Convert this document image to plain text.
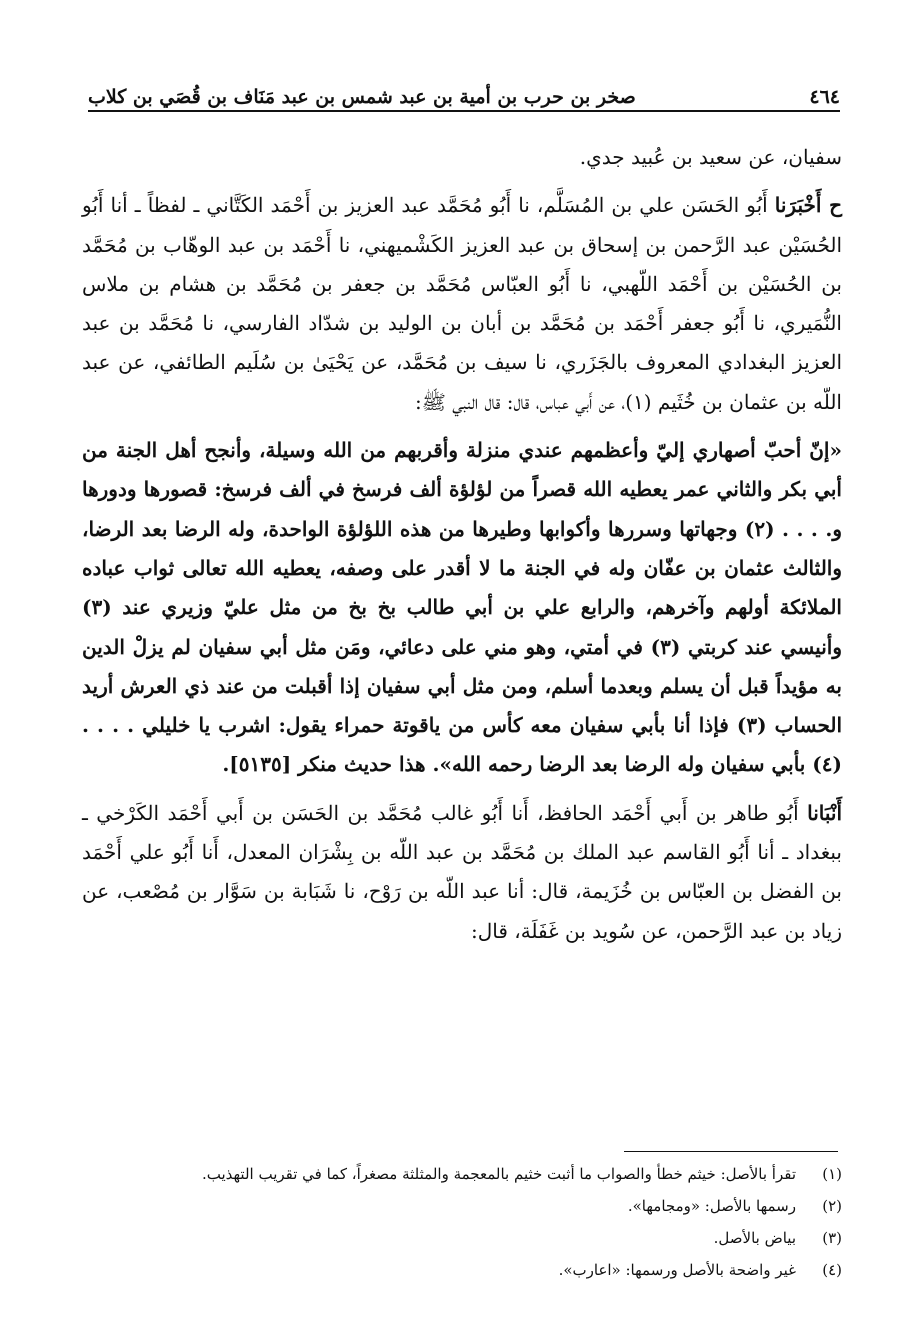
٤٦٤
صخر بن حرب بن أمية بن عبد شمس بن عبد مَنَاف بن قُصَي بن كلاب

سفيان، عن سعيد بن عُبيد جدي.

ح أَخْبَرَنا أَبُو الحَسَن علي بن المُسَلَّم، نا أَبُو مُحَمَّد عبد العزيز بن أَحْمَد الكَتَّاني ـ لفظاً ـ أنا أَبُو الحُسَيْن عبد الرَّحمن بن إسحاق بن عبد العزيز الكَشْميهني، نا أَحْمَد بن عبد الوهّاب بن مُحَمَّد بن الحُسَيْن بن أَحْمَد اللّهبي، نا أَبُو العبّاس مُحَمَّد بن جعفر بن مُحَمَّد بن هشام بن ملاس النُّمَيري، نا أَبُو جعفر أَحْمَد بن مُحَمَّد بن أبان بن الوليد بن شدّاد الفارسي، نا مُحَمَّد بن عبد العزيز البغدادي المعروف بالجَزَري، نا سيف بن مُحَمَّد، عن يَحْيَىٰ بن سُلَيم الطائفي، عن عبد اللّه بن عثمان بن خُثَيم (١)، عن أَبي عباس، قال: قال النبي ﷺ:

«إنّ أحبّ أصهاري إليّ وأعظمهم عندي منزلة وأقربهم من الله وسيلة، وأنجح أهل الجنة من أبي بكر والثاني عمر يعطيه الله قصراً من لؤلؤة ألف فرسخ في ألف فرسخ: قصورها ودورها و. . . . (٢) وجهاتها وسررها وأكوابها وطيرها من هذه اللؤلؤة الواحدة، وله الرضا بعد الرضا، والثالث عثمان بن عفّان وله في الجنة ما لا أقدر على وصفه، يعطيه الله تعالى ثواب عباده الملائكة أولهم وآخرهم، والرابع علي بن أبي طالب بخ بخ من مثل عليّ وزيري عند (٣) وأنيسي عند كربتي (٣) في أمتي، وهو مني على دعائي، ومَن مثل أبي سفيان لم يزلْ الدين به مؤيداً قبل أن يسلم وبعدما أسلم، ومن مثل أبي سفيان إذا أقبلت من عند ذي العرش أريد الحساب (٣) فإذا أنا بأبي سفيان معه كأس من ياقوتة حمراء يقول: اشرب يا خليلي . . . . (٤) بأبي سفيان وله الرضا بعد الرضا رحمه الله». هذا حديث منكر [٥١٣٥].

أَنْبَانا أَبُو طاهر بن أَبي أَحْمَد الحافظ، أَنا أَبُو غالب مُحَمَّد بن الحَسَن بن أَبي أَحْمَد الكَرْخي ـ ببغداد ـ أنا أَبُو القاسم عبد الملك بن مُحَمَّد بن عبد اللّه بن بِشْرَان المعدل، أَنا أَبُو علي أَحْمَد بن الفضل بن العبّاس بن خُزَيمة، قال: أنا عبد اللّه بن رَوْح، نا شَبَابة بن سَوَّار بن مُصْعب، عن زياد بن عبد الرَّحمن، عن سُويد بن غَفَلَة، قال:

(١)
تقرأ بالأصل: خيثم خطأ والصواب ما أثبت خثيم بالمعجمة والمثلثة مصغراً، كما في تقريب التهذيب.
(٢)
رسمها بالأصل: «ومجامها».
(٣)
بياض بالأصل.
(٤)
غير واضحة بالأصل ورسمها: «اعارب».
